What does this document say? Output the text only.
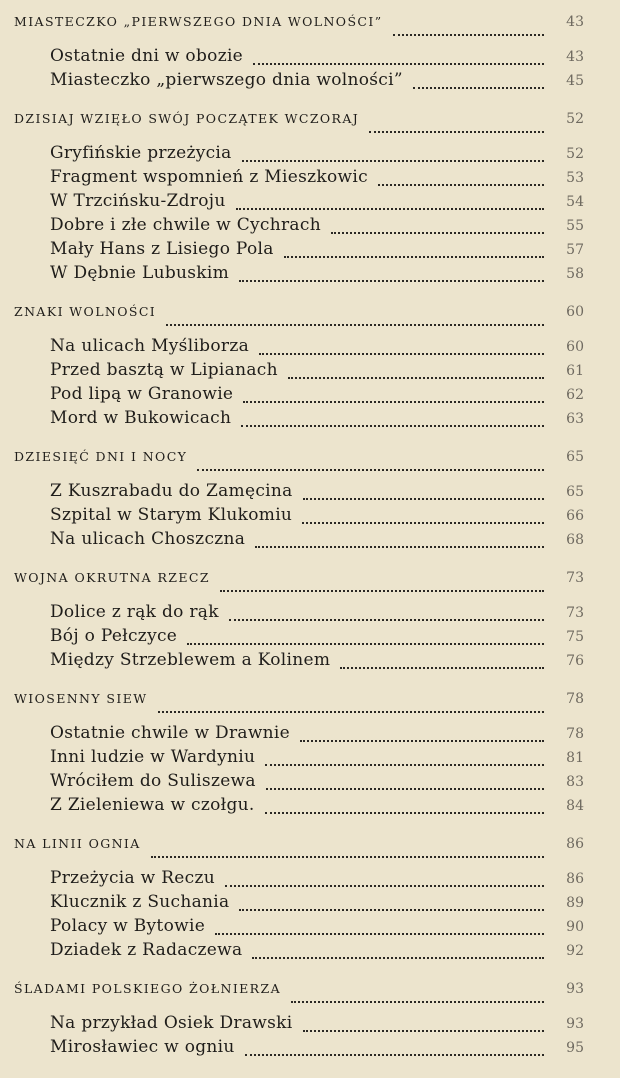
MIASTECZKO „PIERWSZEGO DNIA WOLNOŚCI”	43
Ostatnie dni w obozie	43
Miasteczko „pierwszego dnia wolności”	45
DZISIAJ WZIĘŁO SWÓJ POCZĄTEK WCZORAJ	52
Gryfińskie przeżycia	52
Fragment wspomnień z Mieszkowic	53
W Trzcińsku-Zdroju	54
Dobre i złe chwile w Cychrach	55
Mały Hans z Lisiego Pola	57
W Dębnie Lubuskim	58
ZNAKI WOLNOŚCI	60
Na ulicach Myśliborza	60
Przed basztą w Lipianach	61
Pod lipą w Granowie	62
Mord w Bukowicach	63
DZIESIĘĆ DNI I NOCY	65
Z Kuszrabadu do Zamęcina	65
Szpital w Starym Klukomiu	66
Na ulicach Choszczna	68
WOJNA OKRUTNA RZECZ	73
Dolice z rąk do rąk	73
Bój o Pełczyce	75
Między Strzeblewem a Kolinem	76
WIOSENNY SIEW	78
Ostatnie chwile w Drawnie	78
Inni ludzie w Wardyniu	81
Wróciłem do Suliszewa	83
Z Zieleniewa w czołgu.	84
NA LINII OGNIA	86
Przeżycia w Reczu	86
Klucznik z Suchania	89
Polacy w Bytowie	90
Dziadek z Radaczewa	92
ŚLADAMI POLSKIEGO ŻOŁNIERZA	93
Na przykład Osiek Drawski	93
Mirosławiec w ogniu	95
